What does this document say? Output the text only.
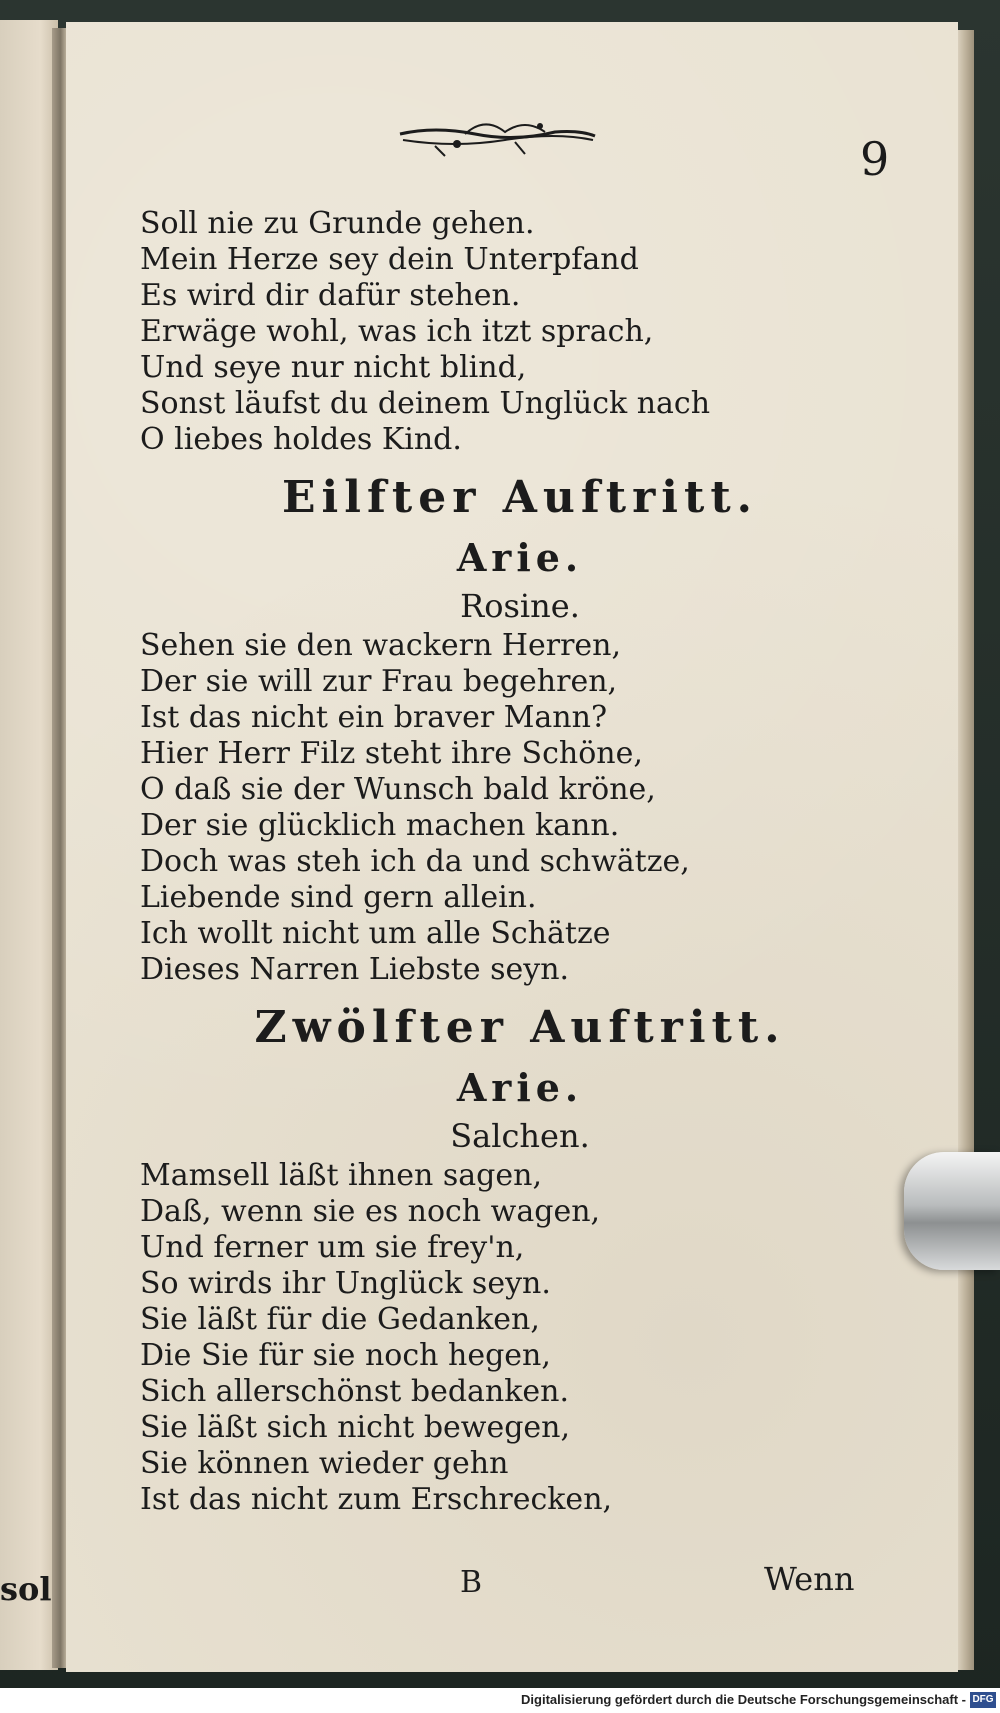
sol
9
Soll nie zu Grunde gehen.
Mein Herze sey dein Unterpfand
Es wird dir dafür stehen.
Erwäge wohl, was ich itzt sprach,
Und seye nur nicht blind,
Sonst läufst du deinem Unglück nach
O liebes holdes Kind.
Eilfter Auftritt.
Arie.
Rosine.
Sehen sie den wackern Herren,
Der sie will zur Frau begehren,
Ist das nicht ein braver Mann?
Hier Herr Filz steht ihre Schöne,
O daß sie der Wunsch bald kröne,
Der sie glücklich machen kann.
Doch was steh ich da und schwätze,
Liebende sind gern allein.
Ich wollt nicht um alle Schätze
Dieses Narren Liebste seyn.
Zwölfter Auftritt.
Arie.
Salchen.
Mamsell läßt ihnen sagen,
Daß, wenn sie es noch wagen,
Und ferner um sie frey'n,
So wirds ihr Unglück seyn.
Sie läßt für die Gedanken,
Die Sie für sie noch hegen,
Sich allerschönst bedanken.
Sie läßt sich nicht bewegen,
Sie können wieder gehn
Ist das nicht zum Erschrecken,
B	Wenn
Digitalisierung gefördert durch die Deutsche Forschungsgemeinschaft - DFG
